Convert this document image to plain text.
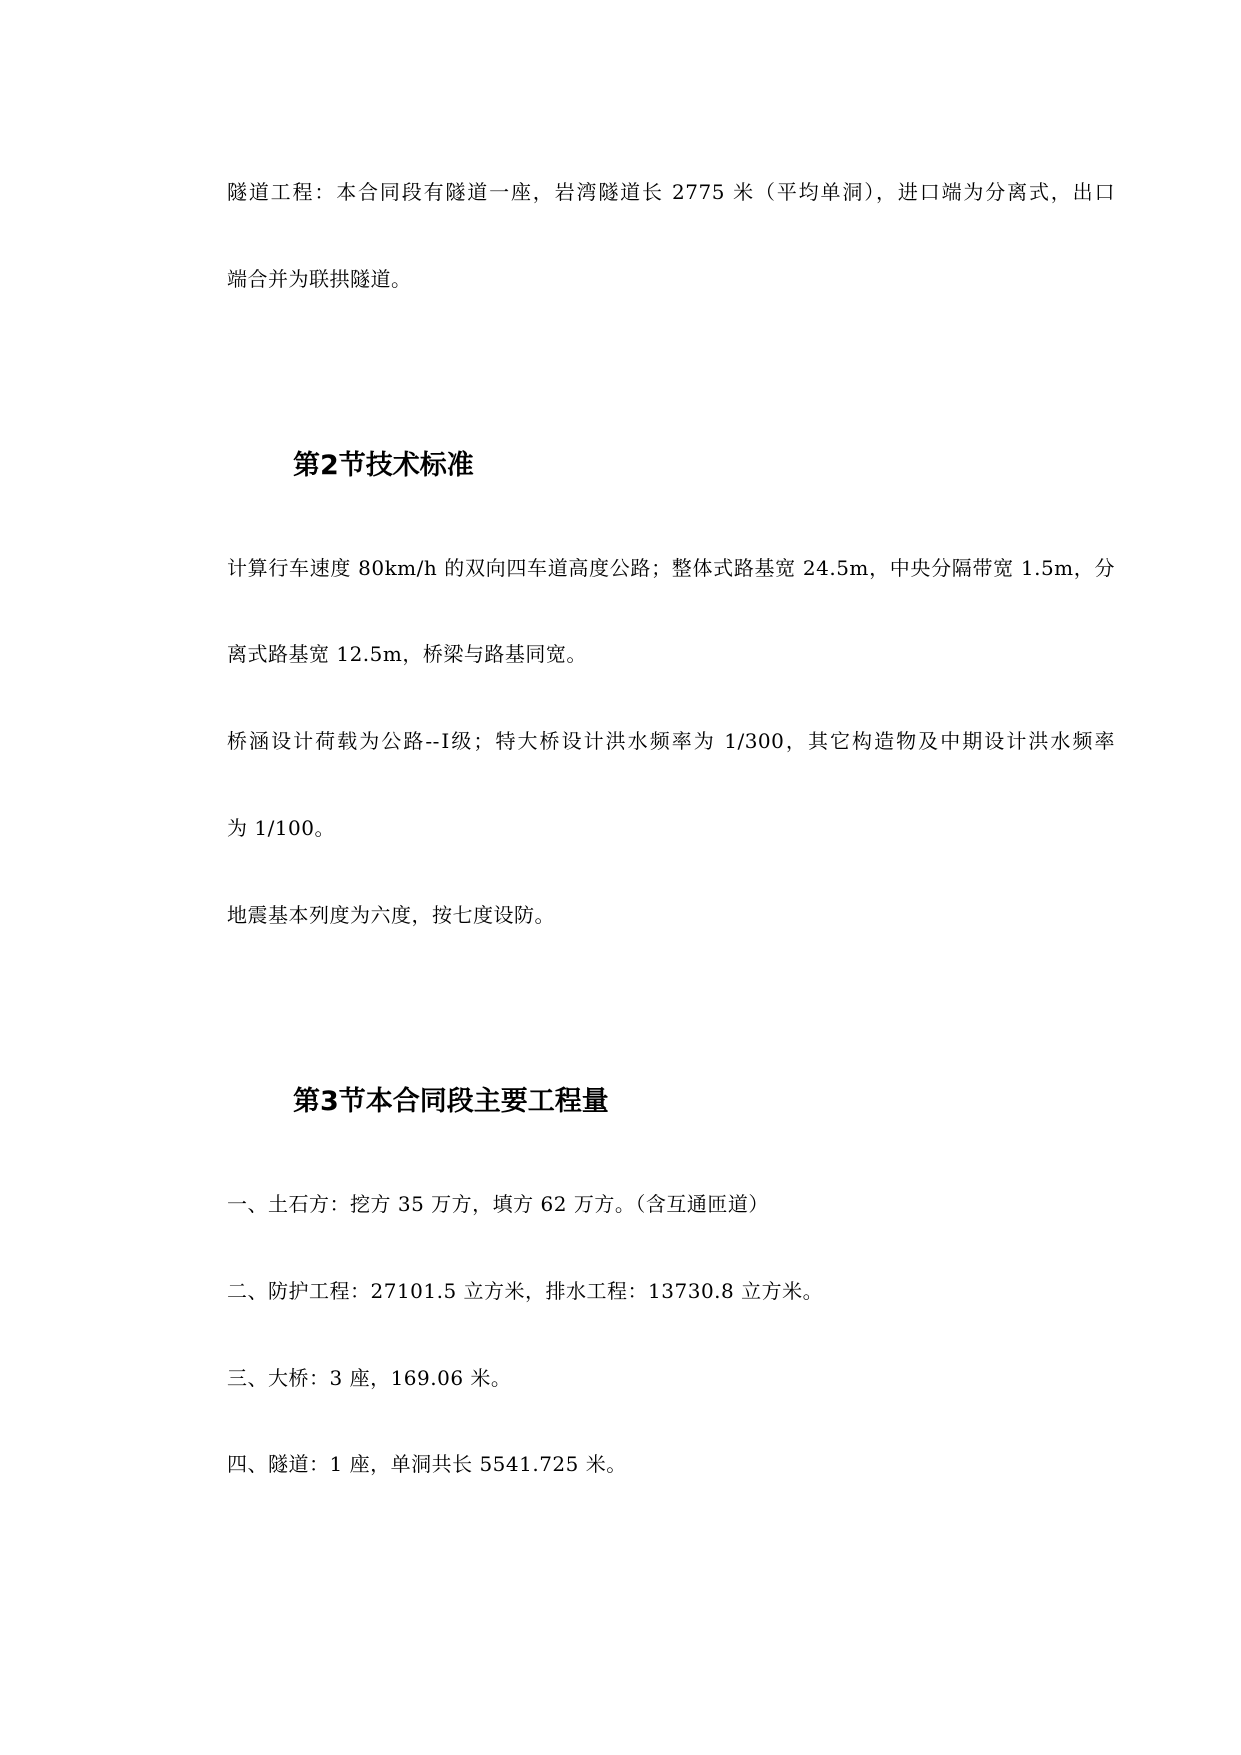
隧道工程：本合同段有隧道一座，岩湾隧道长 2775 米（平均单洞），进口端为分离式，出口
端合并为联拱隧道。
第2节技术标准
计算行车速度 80km/h 的双向四车道高度公路；整体式路基宽 24.5m，中央分隔带宽 1.5m，分
离式路基宽 12.5m，桥梁与路基同宽。
桥涵设计荷载为公路--Ⅰ级；特大桥设计洪水频率为 1/300，其它构造物及中期设计洪水频率
为 1/100。
地震基本列度为六度，按七度设防。
第3节本合同段主要工程量
一、土石方：挖方 35 万方，填方 62 万方。（含互通匝道）
二、防护工程：27101.5 立方米，排水工程：13730.8 立方米。
三、大桥：3 座，169.06 米。
四、隧道：1 座，单洞共长 5541.725 米。
